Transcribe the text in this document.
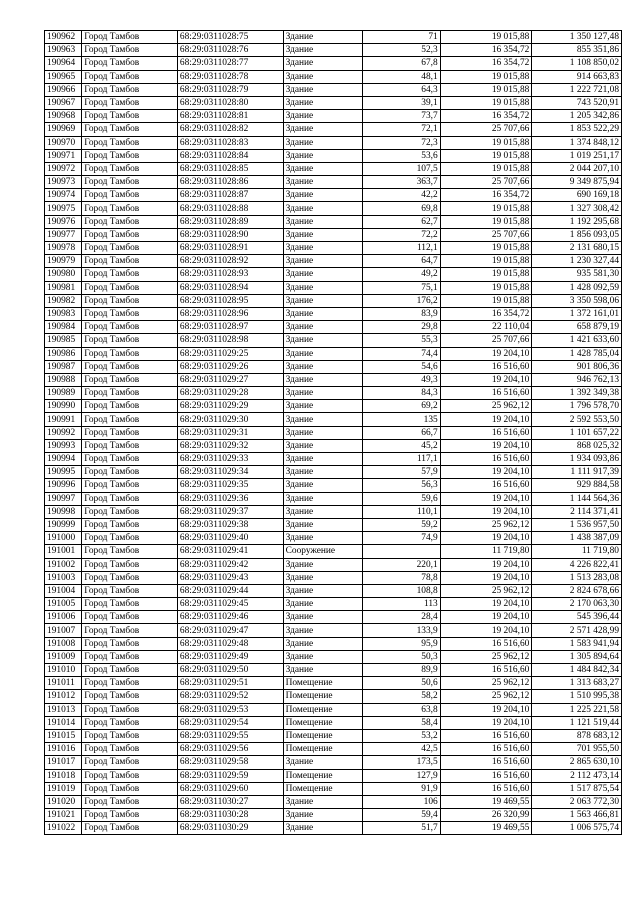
190962	Город Тамбов	68:29:0311028:75	Здание	71	19 015,88	1 350 127,48
190963	Город Тамбов	68:29:0311028:76	Здание	52,3	16 354,72	855 351,86
190964	Город Тамбов	68:29:0311028:77	Здание	67,8	16 354,72	1 108 850,02
190965	Город Тамбов	68:29:0311028:78	Здание	48,1	19 015,88	914 663,83
190966	Город Тамбов	68:29:0311028:79	Здание	64,3	19 015,88	1 222 721,08
190967	Город Тамбов	68:29:0311028:80	Здание	39,1	19 015,88	743 520,91
190968	Город Тамбов	68:29:0311028:81	Здание	73,7	16 354,72	1 205 342,86
190969	Город Тамбов	68:29:0311028:82	Здание	72,1	25 707,66	1 853 522,29
190970	Город Тамбов	68:29:0311028:83	Здание	72,3	19 015,88	1 374 848,12
190971	Город Тамбов	68:29:0311028:84	Здание	53,6	19 015,88	1 019 251,17
190972	Город Тамбов	68:29:0311028:85	Здание	107,5	19 015,88	2 044 207,10
190973	Город Тамбов	68:29:0311028:86	Здание	363,7	25 707,66	9 349 875,94
190974	Город Тамбов	68:29:0311028:87	Здание	42,2	16 354,72	690 169,18
190975	Город Тамбов	68:29:0311028:88	Здание	69,8	19 015,88	1 327 308,42
190976	Город Тамбов	68:29:0311028:89	Здание	62,7	19 015,88	1 192 295,68
190977	Город Тамбов	68:29:0311028:90	Здание	72,2	25 707,66	1 856 093,05
190978	Город Тамбов	68:29:0311028:91	Здание	112,1	19 015,88	2 131 680,15
190979	Город Тамбов	68:29:0311028:92	Здание	64,7	19 015,88	1 230 327,44
190980	Город Тамбов	68:29:0311028:93	Здание	49,2	19 015,88	935 581,30
190981	Город Тамбов	68:29:0311028:94	Здание	75,1	19 015,88	1 428 092,59
190982	Город Тамбов	68:29:0311028:95	Здание	176,2	19 015,88	3 350 598,06
190983	Город Тамбов	68:29:0311028:96	Здание	83,9	16 354,72	1 372 161,01
190984	Город Тамбов	68:29:0311028:97	Здание	29,8	22 110,04	658 879,19
190985	Город Тамбов	68:29:0311028:98	Здание	55,3	25 707,66	1 421 633,60
190986	Город Тамбов	68:29:0311029:25	Здание	74,4	19 204,10	1 428 785,04
190987	Город Тамбов	68:29:0311029:26	Здание	54,6	16 516,60	901 806,36
190988	Город Тамбов	68:29:0311029:27	Здание	49,3	19 204,10	946 762,13
190989	Город Тамбов	68:29:0311029:28	Здание	84,3	16 516,60	1 392 349,38
190990	Город Тамбов	68:29:0311029:29	Здание	69,2	25 962,12	1 796 578,70
190991	Город Тамбов	68:29:0311029:30	Здание	135	19 204,10	2 592 553,50
190992	Город Тамбов	68:29:0311029:31	Здание	66,7	16 516,60	1 101 657,22
190993	Город Тамбов	68:29:0311029:32	Здание	45,2	19 204,10	868 025,32
190994	Город Тамбов	68:29:0311029:33	Здание	117,1	16 516,60	1 934 093,86
190995	Город Тамбов	68:29:0311029:34	Здание	57,9	19 204,10	1 111 917,39
190996	Город Тамбов	68:29:0311029:35	Здание	56,3	16 516,60	929 884,58
190997	Город Тамбов	68:29:0311029:36	Здание	59,6	19 204,10	1 144 564,36
190998	Город Тамбов	68:29:0311029:37	Здание	110,1	19 204,10	2 114 371,41
190999	Город Тамбов	68:29:0311029:38	Здание	59,2	25 962,12	1 536 957,50
191000	Город Тамбов	68:29:0311029:40	Здание	74,9	19 204,10	1 438 387,09
191001	Город Тамбов	68:29:0311029:41	Сооружение		11 719,80	11 719,80
191002	Город Тамбов	68:29:0311029:42	Здание	220,1	19 204,10	4 226 822,41
191003	Город Тамбов	68:29:0311029:43	Здание	78,8	19 204,10	1 513 283,08
191004	Город Тамбов	68:29:0311029:44	Здание	108,8	25 962,12	2 824 678,66
191005	Город Тамбов	68:29:0311029:45	Здание	113	19 204,10	2 170 063,30
191006	Город Тамбов	68:29:0311029:46	Здание	28,4	19 204,10	545 396,44
191007	Город Тамбов	68:29:0311029:47	Здание	133,9	19 204,10	2 571 428,99
191008	Город Тамбов	68:29:0311029:48	Здание	95,9	16 516,60	1 583 941,94
191009	Город Тамбов	68:29:0311029:49	Здание	50,3	25 962,12	1 305 894,64
191010	Город Тамбов	68:29:0311029:50	Здание	89,9	16 516,60	1 484 842,34
191011	Город Тамбов	68:29:0311029:51	Помещение	50,6	25 962,12	1 313 683,27
191012	Город Тамбов	68:29:0311029:52	Помещение	58,2	25 962,12	1 510 995,38
191013	Город Тамбов	68:29:0311029:53	Помещение	63,8	19 204,10	1 225 221,58
191014	Город Тамбов	68:29:0311029:54	Помещение	58,4	19 204,10	1 121 519,44
191015	Город Тамбов	68:29:0311029:55	Помещение	53,2	16 516,60	878 683,12
191016	Город Тамбов	68:29:0311029:56	Помещение	42,5	16 516,60	701 955,50
191017	Город Тамбов	68:29:0311029:58	Здание	173,5	16 516,60	2 865 630,10
191018	Город Тамбов	68:29:0311029:59	Помещение	127,9	16 516,60	2 112 473,14
191019	Город Тамбов	68:29:0311029:60	Помещение	91,9	16 516,60	1 517 875,54
191020	Город Тамбов	68:29:0311030:27	Здание	106	19 469,55	2 063 772,30
191021	Город Тамбов	68:29:0311030:28	Здание	59,4	26 320,99	1 563 466,81
191022	Город Тамбов	68:29:0311030:29	Здание	51,7	19 469,55	1 006 575,74
